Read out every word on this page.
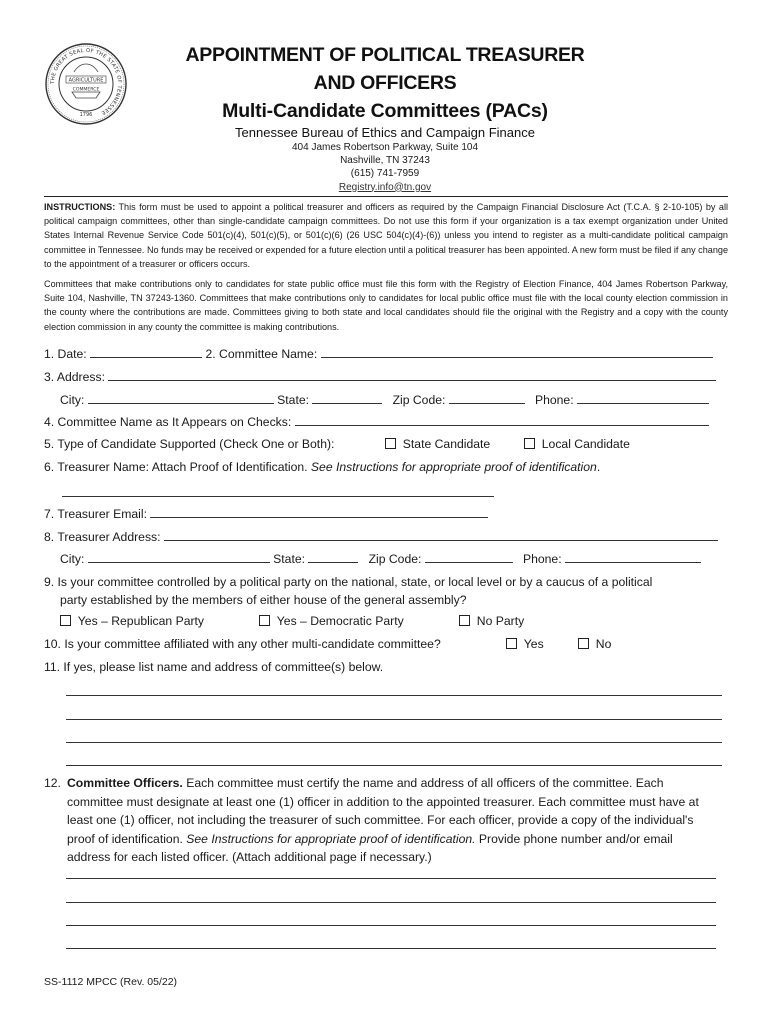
THE GREAT SEAL OF THE STATE OF TENNESSEE
AGRICULTURE
COMMERCE
1796
APPOINTMENT OF POLITICAL TREASURER
AND OFFICERS
Multi-Candidate Committees (PACs)
Tennessee Bureau of Ethics and Campaign Finance
404 James Robertson Parkway, Suite 104
Nashville, TN 37243
(615) 741-7959
Registry.info@tn.gov
INSTRUCTIONS: This form must be used to appoint a political treasurer and officers as required by the Campaign Financial Disclosure Act (T.C.A. § 2-10-105) by all political campaign committees, other than single-candidate campaign committees. Do not use this form if your organization is a tax exempt organization under United States Internal Revenue Service Code 501(c)(4), 501(c)(5), or 501(c)(6) (26 USC 504(c)(4)-(6)) unless you intend to register as a multi-candidate political campaign committee in Tennessee. No funds may be received or expended for a future election until a political treasurer has been appointed. A new form must be filed if any change to the appointment of a treasurer or officers occurs.
Committees that make contributions only to candidates for state public office must file this form with the Registry of Election Finance, 404 James Robertson Parkway, Suite 104, Nashville, TN 37243-1360. Committees that make contributions only to candidates for local public office must file with the local county election commission in the county where the contributions are made. Committees giving to both state and local candidates should file the original with the Registry and a copy with the county election commission in any county the committee is making contributions.
1. Date:	2. Committee Name:
3. Address:
City:	State:	Zip Code:	Phone:
4. Committee Name as It Appears on Checks:
5. Type of Candidate Supported (Check One or Both):	State Candidate	Local Candidate
6. Treasurer Name: Attach Proof of Identification. See Instructions for appropriate proof of identification.
7. Treasurer Email:
8. Treasurer Address:
City:	State:	Zip Code:	Phone:
9. Is your committee controlled by a political party on the national, state, or local level or by a caucus of a political
party established by the members of either house of the general assembly?
Yes – Republican Party	Yes – Democratic Party	No Party
10. Is your committee affiliated with any other multi-candidate committee?	Yes	No
11. If yes, please list name and address of committee(s) below.
12. Committee Officers. Each committee must certify the name and address of all officers of the committee. Each committee must designate at least one (1) officer in addition to the appointed treasurer. Each committee must have at least one (1) officer, not including the treasurer of such committee. For each officer, provide a copy of the individual's proof of identification. See Instructions for appropriate proof of identification. Provide phone number and/or email address for each listed officer. (Attach additional page if necessary.)
SS-1112 MPCC (Rev. 05/22)
